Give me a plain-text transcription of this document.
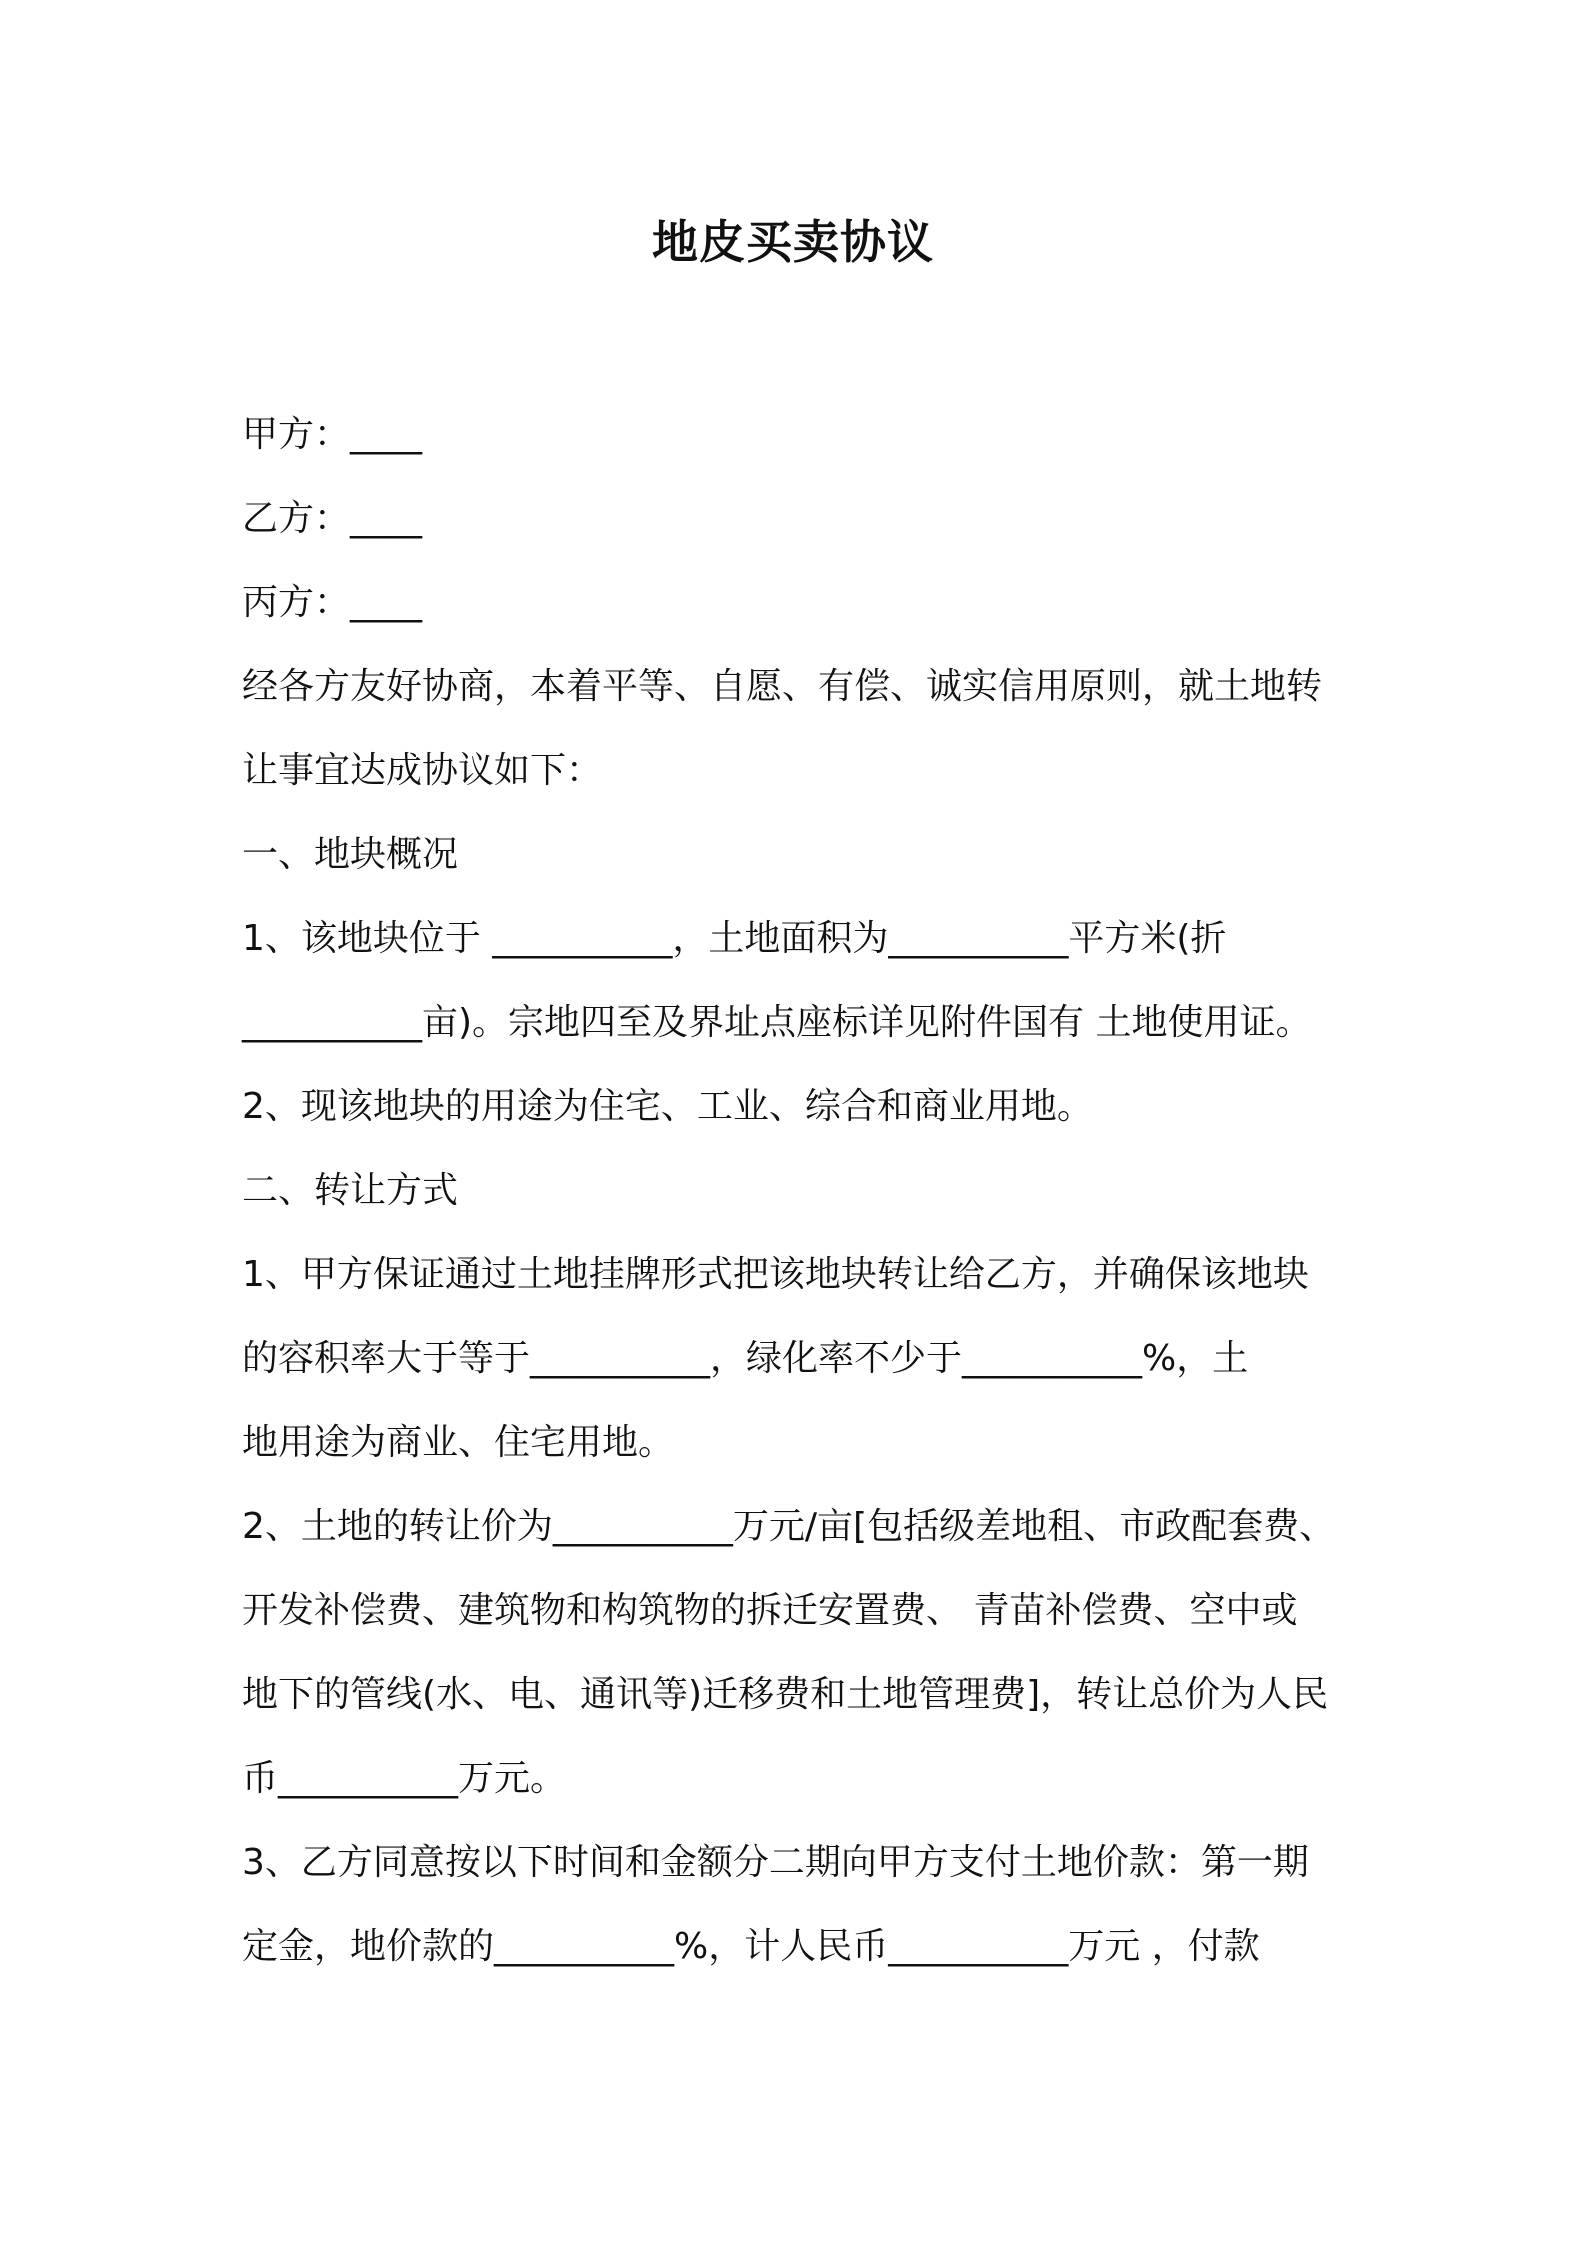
地皮买卖协议
甲方：____
乙方：____
丙方：____
经各方友好协商，本着平等、自愿、有偿、诚实信用原则，就土地转
让事宜达成协议如下：
一、地块概况
1、该地块位于 __________，土地面积为__________平方米(折
__________亩)。宗地四至及界址点座标详见附件国有 土地使用证。
2、现该地块的用途为住宅、工业、综合和商业用地。
二、转让方式
1、甲方保证通过土地挂牌形式把该地块转让给乙方，并确保该地块
的容积率大于等于__________，绿化率不少于__________%，土
地用途为商业、住宅用地。
2、土地的转让价为__________万元/亩[包括级差地租、市政配套费、
开发补偿费、建筑物和构筑物的拆迁安置费、 青苗补偿费、空中或
地下的管线(水、电、通讯等)迁移费和土地管理费]，转让总价为人民
币__________万元。
3、乙方同意按以下时间和金额分二期向甲方支付土地价款：第一期
定金，地价款的__________%，计人民币__________万元 ，付款
